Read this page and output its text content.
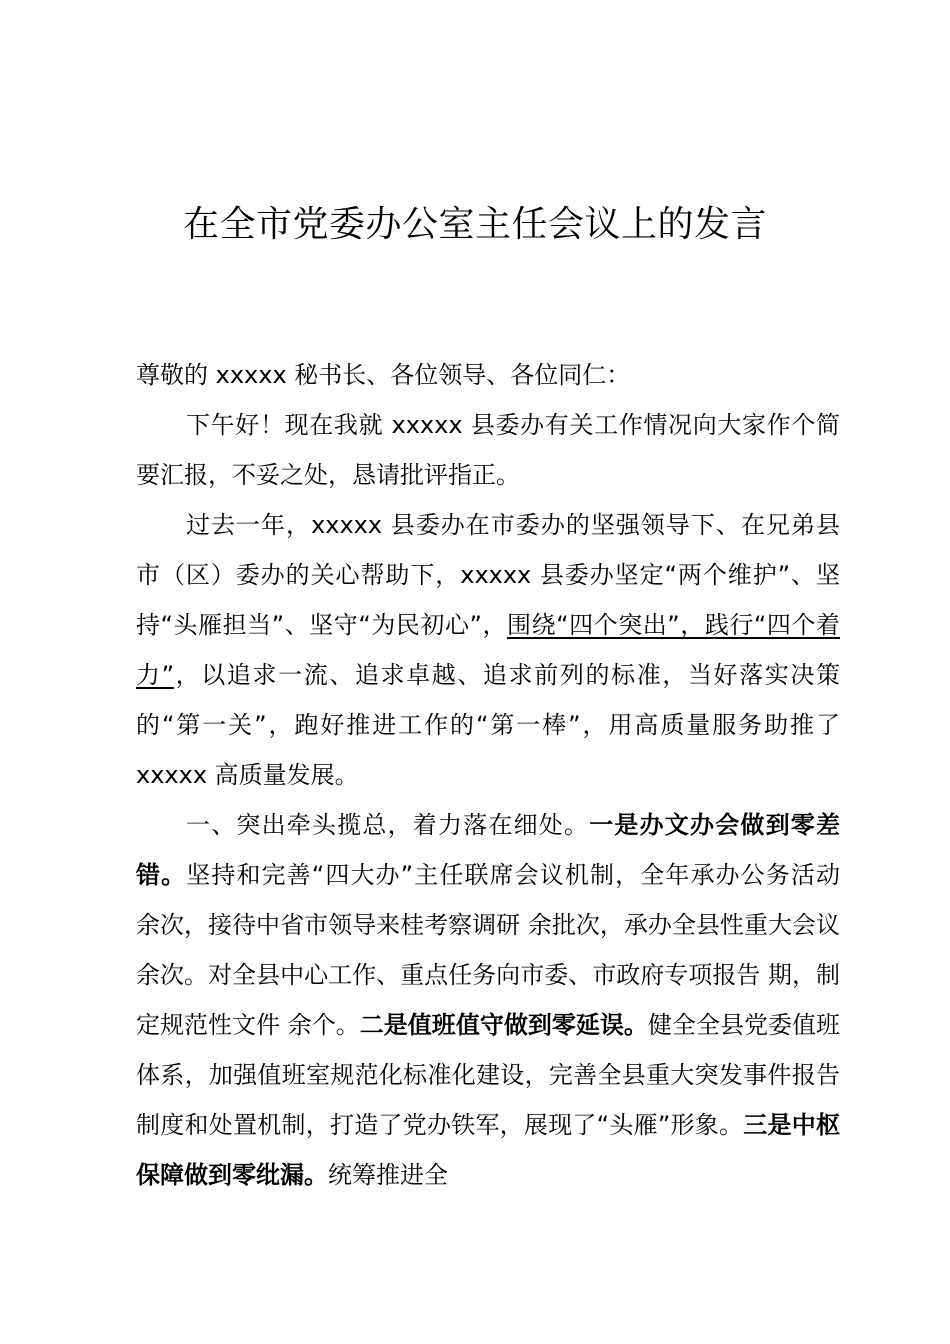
在全市党委办公室主任会议上的发言

尊敬的 xxxxx 秘书长、各位领导、各位同仁：

下午好！现在我就 xxxxx 县委办有关工作情况向大家作个简要汇报，不妥之处，恳请批评指正。

过去一年，xxxxx 县委办在市委办的坚强领导下、在兄弟县市（区）委办的关心帮助下，xxxxx 县委办坚定“两个维护”、坚持“头雁担当”、坚守“为民初心”，围绕“四个突出”，践行“四个着力”，以追求一流、追求卓越、追求前列的标准，当好落实决策的“第一关”，跑好推进工作的“第一棒”，用高质量服务助推了 xxxxx 高质量发展。

一、突出牵头揽总，着力落在细处。一是办文办会做到零差错。坚持和完善“四大办”主任联席会议机制，全年承办公务活动 余次，接待中省市领导来桂考察调研 余批次，承办全县性重大会议 余次。对全县中心工作、重点任务向市委、市政府专项报告 期，制定规范性文件 余个。二是值班值守做到零延误。健全全县党委值班体系，加强值班室规范化标准化建设，完善全县重大突发事件报告制度和处置机制，打造了党办铁军，展现了“头雁”形象。三是中枢保障做到零纰漏。统筹推进全
